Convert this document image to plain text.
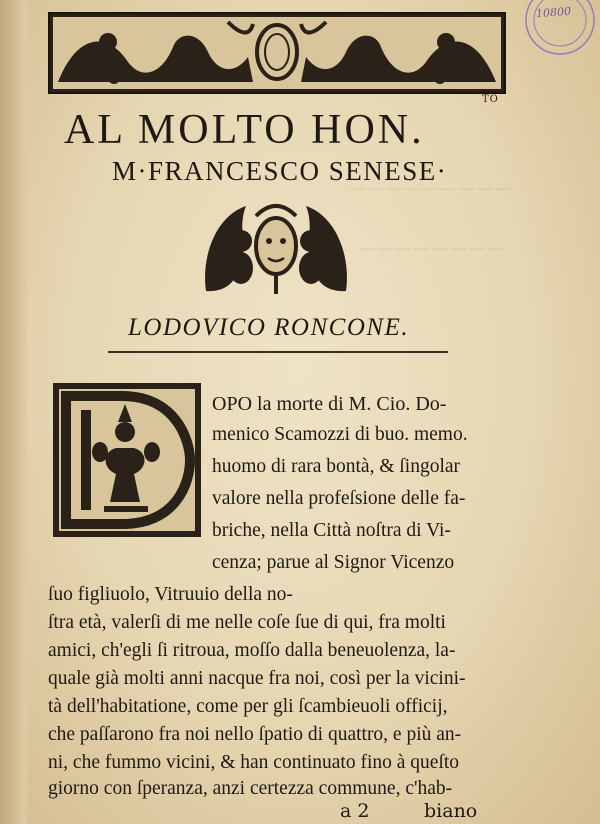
— — — — — — — — —
— — — — — — — —
10800
TO
AL MOLTO HON.
M·FRANCESCO SENESE·
LODOVICO RONCONE.
OPO la morte di M. Cio. Do-
menico Scamozzi di buo. memo.
huomo di rara bontà, & ſingolar
valore nella profeſsione delle fa-
briche, nella Città noſtra di Vi-
cenza; parue al Signor Vicenzo
ſuo figliuolo, Vitruuio della no-
ſtra età, valerſi di me nelle coſe ſue di qui, fra molti
amici, ch'egli ſi ritroua, moſſo dalla beneuolenza, la-
quale già molti anni nacque fra noi, così per la vicini-
tà dell'habitatione, come per gli ſcambieuoli officij,
che paſſarono fra noi nello ſpatio di quattro, e più an-
ni, che fummo vicini, & han continuato fino à queſto
a 2	biano
giorno con ſperanza, anzi certezza commune, c'hab-
